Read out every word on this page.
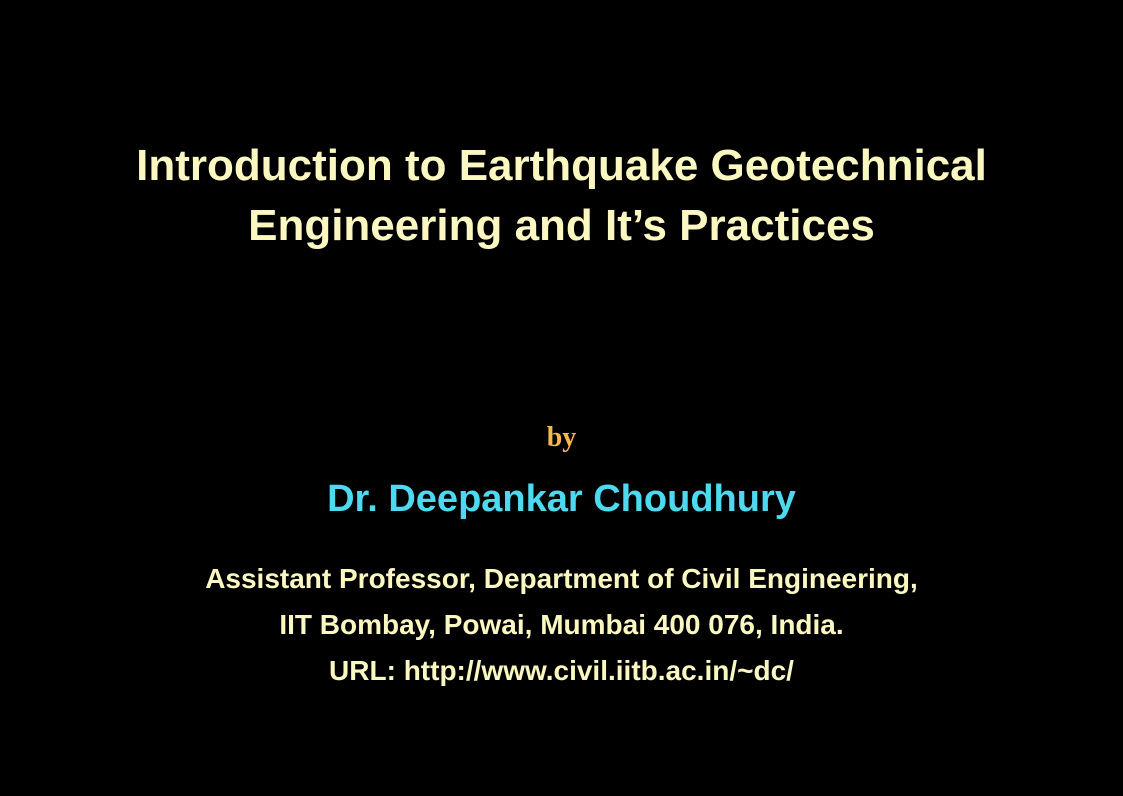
Introduction to Earthquake Geotechnical
Engineering and It’s Practices
by
Dr. Deepankar Choudhury
Assistant Professor, Department of Civil Engineering,
IIT Bombay, Powai, Mumbai 400 076, India.
URL: http://www.civil.iitb.ac.in/~dc/
